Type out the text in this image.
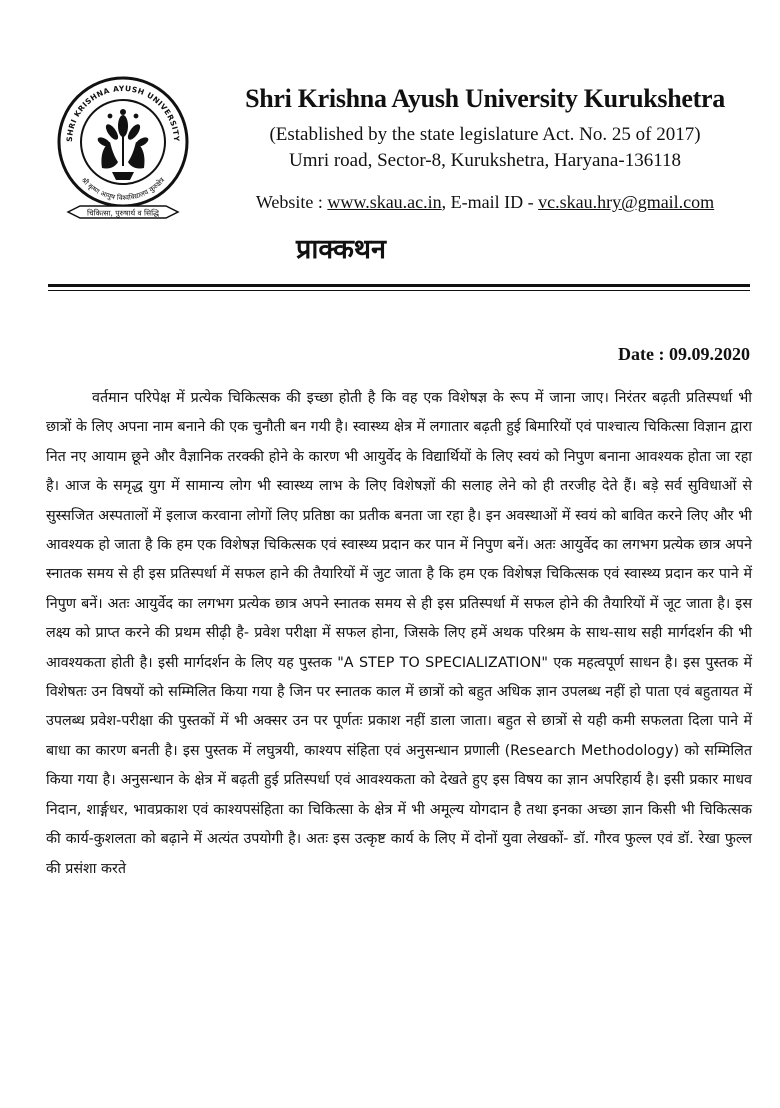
SHRI KRISHNA AYUSH UNIVERSITY
श्री कृष्ण आयुष विश्वविद्यालय कुरुक्षेत्र
चिकित्सा, पुरुषार्थ व सिद्धि
Shri Krishna Ayush University Kurukshetra
(Established by the state legislature Act. No. 25 of 2017)
Umri road, Sector-8, Kurukshetra, Haryana-136118
Website : www.skau.ac.in, E-mail ID - vc.skau.hry@gmail.com
प्राक्कथन
Date : 09.09.2020

वर्तमान परिपेक्ष में प्रत्येक चिकित्सक की इच्छा होती है कि वह एक विशेषज्ञ के रूप में जाना जाए। निरंतर बढ़ती प्रतिस्पर्धा भी छात्रों के लिए अपना नाम बनाने की एक चुनौती बन गयी है। स्वास्थ्य क्षेत्र में लगातार बढ़ती हुई बिमारियों एवं पाश्चात्य चिकित्सा विज्ञान द्वारा नित नए आयाम छूने और वैज्ञानिक तरक्की होने के कारण भी आयुर्वेद के विद्यार्थियों के लिए स्वयं को निपुण बनाना आवश्यक होता जा रहा है। आज के समृद्ध युग में सामान्य लोग भी स्वास्थ्य लाभ के लिए विशेषज्ञों की सलाह लेने को ही तरजीह देते हैं। बड़े सर्व सुविधाओं से सुस्सजित अस्पतालों में इलाज करवाना लोगों लिए प्रतिष्ठा का प्रतीक बनता जा रहा है। इन अवस्थाओं में स्वयं को बावित करने लिए और भी आवश्यक हो जाता है कि हम एक विशेषज्ञ चिकित्सक एवं स्वास्थ्य प्रदान कर पान में निपुण बनें। अतः आयुर्वेद का लगभग प्रत्येक छात्र अपने स्नातक समय से ही इस प्रतिस्पर्धा में सफल हाने की तैयारियों में जुट जाता है कि हम एक विशेषज्ञ चिकित्सक एवं स्वास्थ्य प्रदान कर पाने में निपुण बनें। अतः आयुर्वेद का लगभग प्रत्येक छात्र अपने स्नातक समय से ही इस प्रतिस्पर्धा में सफल होने की तैयारियों में जूट जाता है। इस लक्ष्य को प्राप्त करने की प्रथम सीढ़ी है- प्रवेश परीक्षा में सफल होना, जिसके लिए हमें अथक परिश्रम के साथ-साथ सही मार्गदर्शन की भी आवश्यकता होती है। इसी मार्गदर्शन के लिए यह पुस्तक "A STEP TO SPECIALIZATION" एक महत्वपूर्ण साधन है। इस पुस्तक में विशेषतः उन विषयों को सम्मिलित किया गया है जिन पर स्नातक काल में छात्रों को बहुत अधिक ज्ञान उपलब्ध नहीं हो पाता एवं बहुतायत में उपलब्ध प्रवेश-परीक्षा की पुस्तकों में भी अक्सर उन पर पूर्णतः प्रकाश नहीं डाला जाता। बहुत से छात्रों से यही कमी सफलता दिला पाने में बाधा का कारण बनती है। इस पुस्तक में लघुत्रयी, काश्यप संहिता एवं अनुसन्धान प्रणाली (Research Methodology) को सम्मिलित किया गया है। अनुसन्धान के क्षेत्र में बढ़ती हुई प्रतिस्पर्धा एवं आवश्यकता को देखते हुए इस विषय का ज्ञान अपरिहार्य है। इसी प्रकार माधव निदान, शार्ङ्गधर, भावप्रकाश एवं काश्यपसंहिता का चिकित्सा के क्षेत्र में भी अमूल्य योगदान है तथा इनका अच्छा ज्ञान किसी भी चिकित्सक की कार्य-कुशलता को बढ़ाने में अत्यंत उपयोगी है। अतः इस उत्कृष्ट कार्य के लिए में दोनों युवा लेखकों- डॉ. गौरव फुल्ल एवं डॉ. रेखा फुल्ल की प्रसंशा करते
